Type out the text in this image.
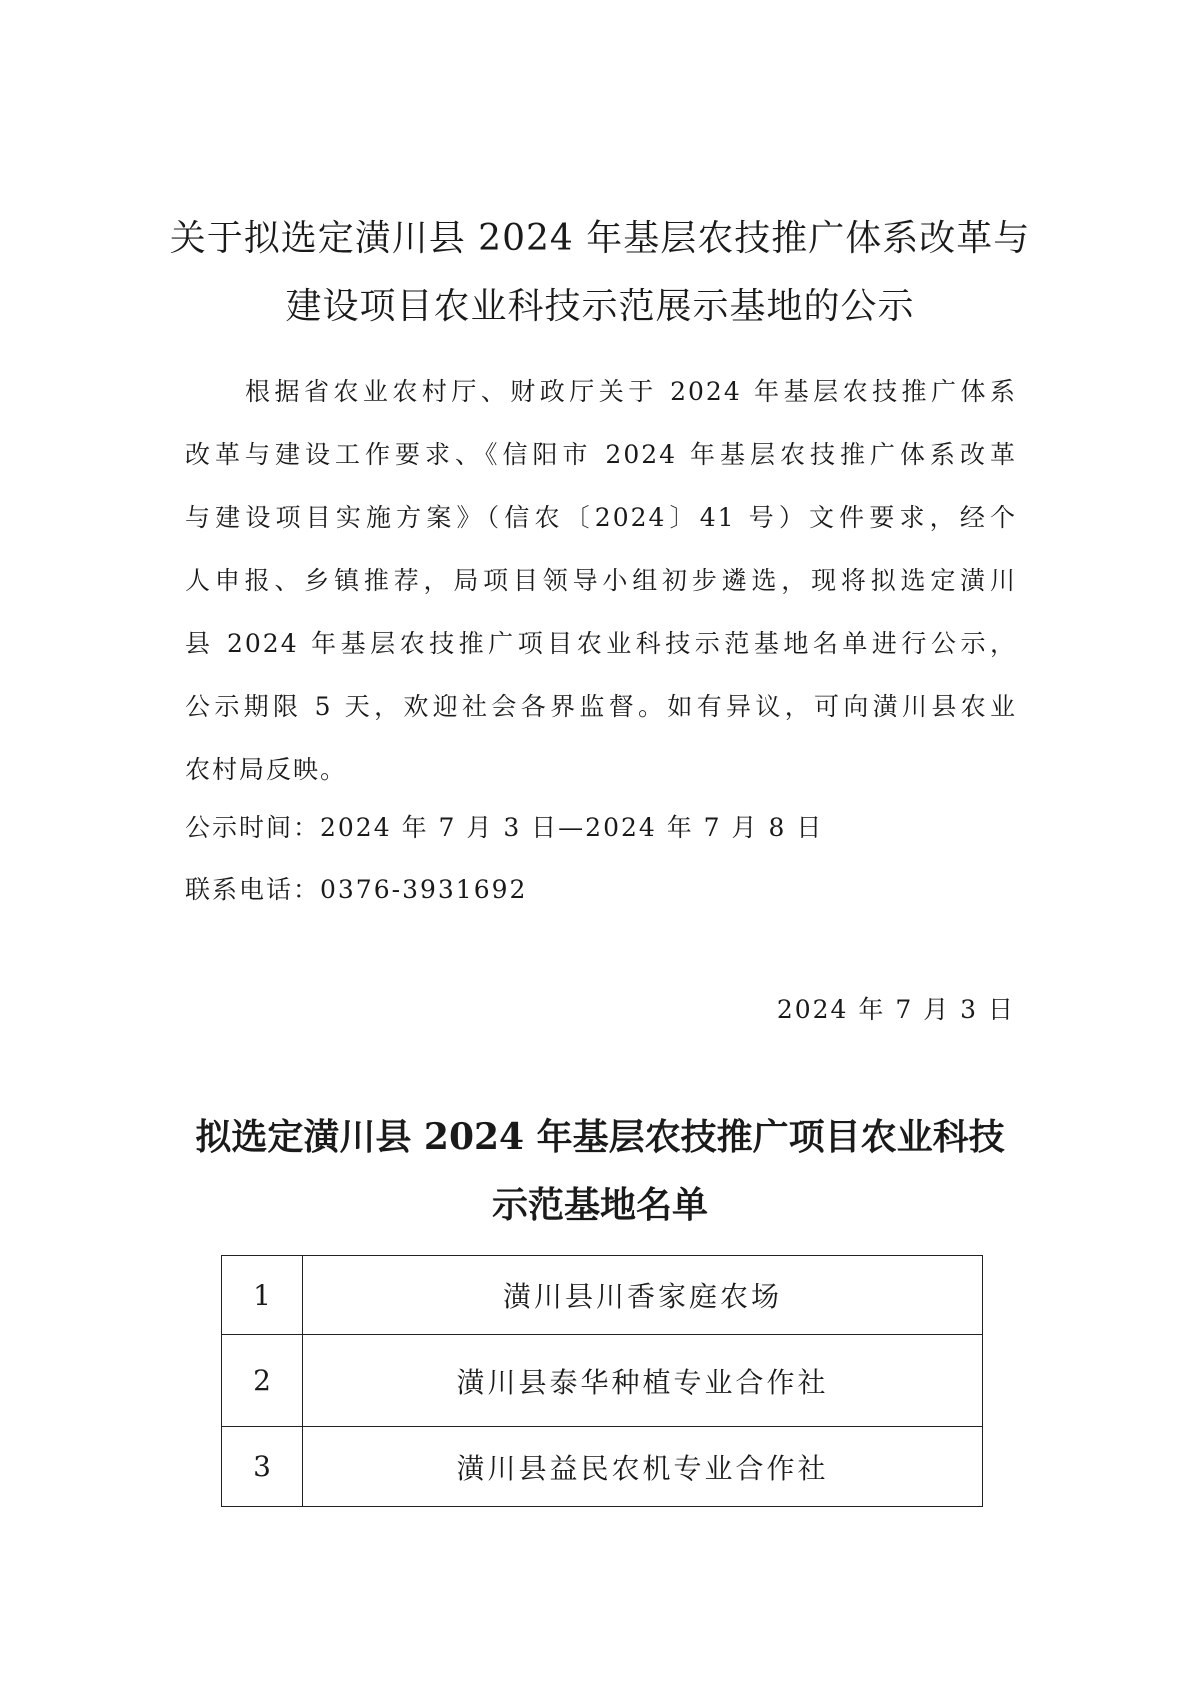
关于拟选定潢川县 2024 年基层农技推广体系改革与
建设项目农业科技示范展示基地的公示
根据省农业农村厅、财政厅关于 2024 年基层农技推广体系
改革与建设工作要求、《信阳市 2024 年基层农技推广体系改革
与建设项目实施方案》（信农〔2024〕41 号）文件要求，经个
人申报、乡镇推荐，局项目领导小组初步遴选，现将拟选定潢川
县 2024 年基层农技推广项目农业科技示范基地名单进行公示，
公示期限 5 天，欢迎社会各界监督。如有异议，可向潢川县农业
农村局反映。

公示时间：2024 年 7 月 3 日—2024 年 7 月 8 日

联系电话：0376-3931692

2024 年 7 月 3 日

拟选定潢川县 2024 年基层农技推广项目农业科技
示范基地名单
1	潢川县川香家庭农场
2	潢川县泰华种植专业合作社
3	潢川县益民农机专业合作社
